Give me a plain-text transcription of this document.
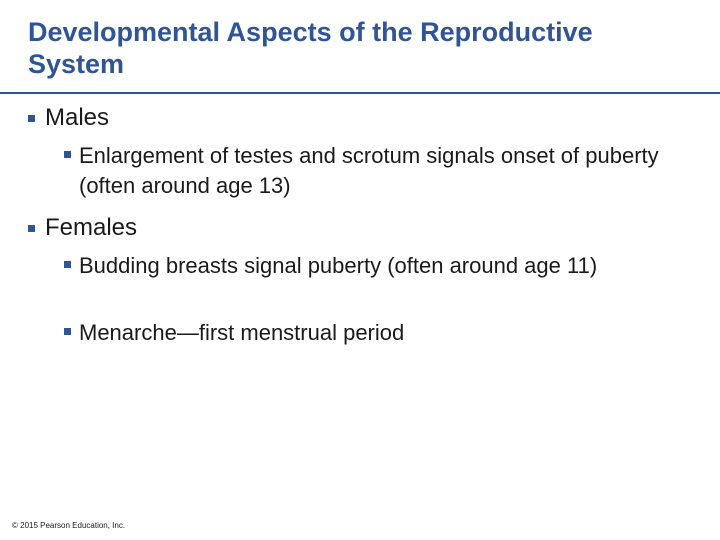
Developmental Aspects of the Reproductive System
Males
Enlargement of testes and scrotum signals onset of puberty (often around age 13)
Females
Budding breasts signal puberty (often around age 11)
Menarche—first menstrual period
© 2015 Pearson Education, Inc.
